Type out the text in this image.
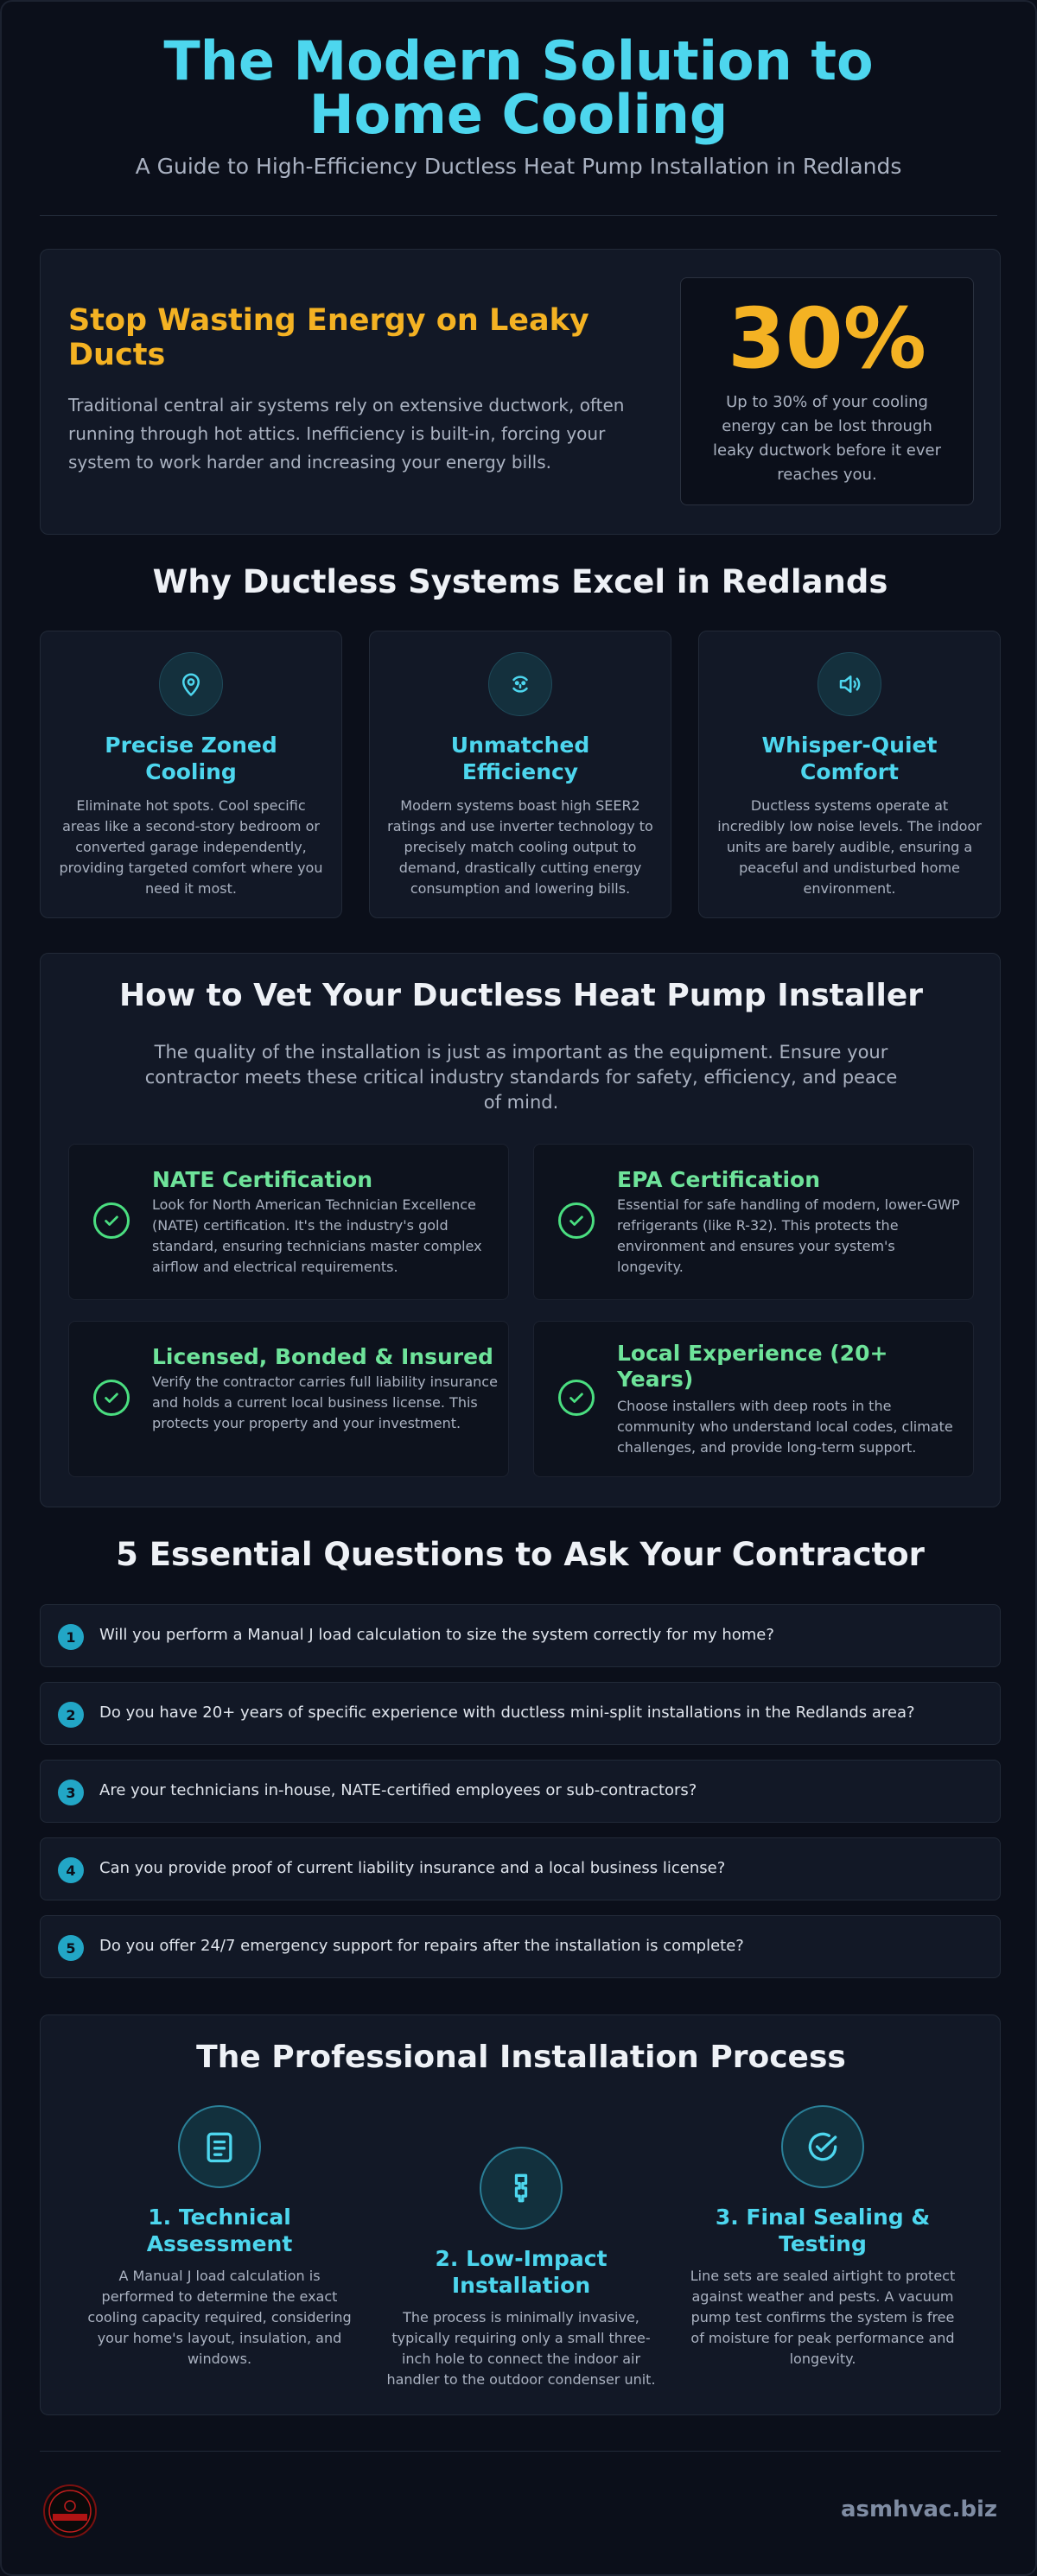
The Modern Solution to Home Cooling
A Guide to High-Efficiency Ductless Heat Pump Installation in Redlands
Stop Wasting Energy on Leaky Ducts

Traditional central air systems rely on extensive ductwork, often running through hot attics. Inefficiency is built-in, forcing your system to work harder and increasing your energy bills.

30%
Up to 30% of your cooling energy can be lost through leaky ductwork before it ever reaches you.
Why Ductless Systems Excel in Redlands
Precise Zoned Cooling
Eliminate hot spots. Cool specific areas like a second-story bedroom or converted garage independently, providing targeted comfort where you need it most.
Unmatched Efficiency
Modern systems boast high SEER2 ratings and use inverter technology to precisely match cooling output to demand, drastically cutting energy consumption and lowering bills.
Whisper-Quiet Comfort
Ductless systems operate at incredibly low noise levels. The indoor units are barely audible, ensuring a peaceful and undisturbed home environment.
How to Vet Your Ductless Heat Pump Installer

The quality of the installation is just as important as the equipment. Ensure your contractor meets these critical industry standards for safety, efficiency, and peace of mind.

NATE Certification
Look for North American Technician Excellence (NATE) certification. It's the industry's gold standard, ensuring technicians master complex airflow and electrical requirements.
EPA Certification
Essential for safe handling of modern, lower-GWP refrigerants (like R-32). This protects the environment and ensures your system's longevity.
Licensed, Bonded & Insured
Verify the contractor carries full liability insurance and holds a current local business license. This protects your property and your investment.
Local Experience (20+ Years)
Choose installers with deep roots in the community who understand local codes, climate challenges, and provide long-term support.
5 Essential Questions to Ask Your Contractor
1	Will you perform a Manual J load calculation to size the system correctly for my home?
2	Do you have 20+ years of specific experience with ductless mini-split installations in the Redlands area?
3	Are your technicians in-house, NATE-certified employees or sub-contractors?
4	Can you provide proof of current liability insurance and a local business license?
5	Do you offer 24/7 emergency support for repairs after the installation is complete?
The Professional Installation Process
1. Technical Assessment
A Manual J load calculation is performed to determine the exact cooling capacity required, considering your home's layout, insulation, and windows.
2. Low-Impact Installation
The process is minimally invasive, typically requiring only a small three-inch hole to connect the indoor air handler to the outdoor condenser unit.
3. Final Sealing & Testing
Line sets are sealed airtight to protect against weather and pests. A vacuum pump test confirms the system is free of moisture for peak performance and longevity.
asmhvac.biz
